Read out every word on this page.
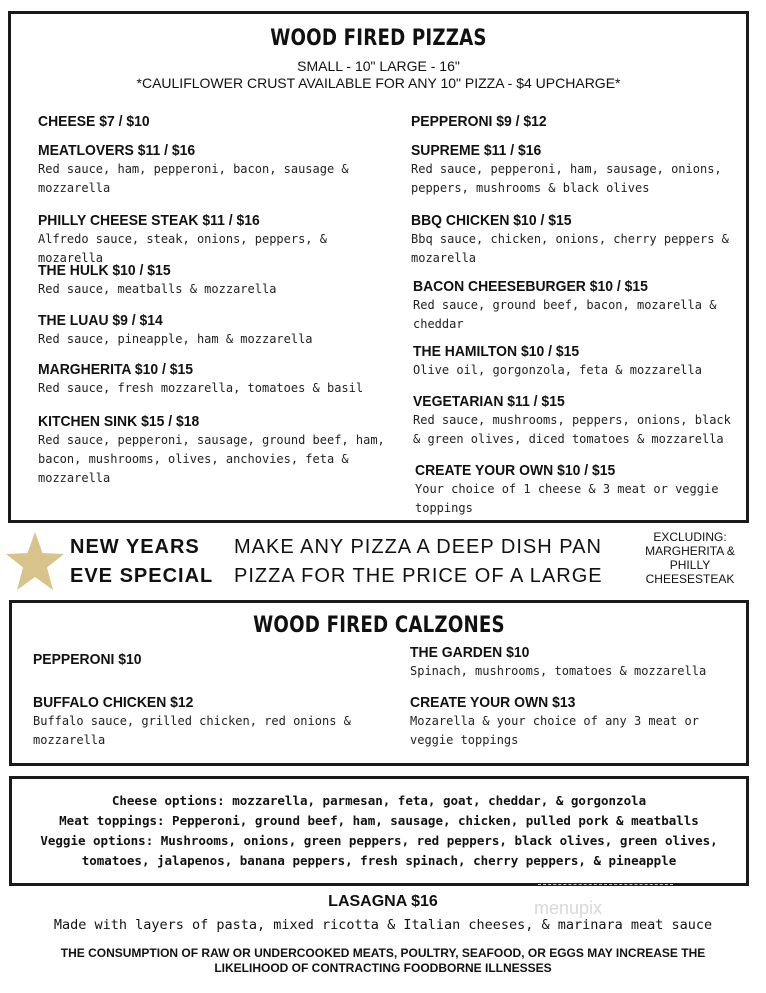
WOOD FIRED PIZZAS
SMALL - 10" LARGE - 16"
*CAULIFLOWER CRUST AVAILABLE FOR ANY 10" PIZZA - $4 UPCHARGE*
CHEESE $7 / $10
MEATLOVERS $11 / $16
Red sauce, ham, pepperoni, bacon, sausage & mozzarella
PHILLY CHEESE STEAK $11 / $16
Alfredo sauce, steak, onions, peppers, & mozarella
THE HULK $10 / $15
Red sauce, meatballs & mozzarella
THE LUAU $9 / $14
Red sauce, pineapple, ham & mozzarella
MARGHERITA $10 / $15
Red sauce, fresh mozzarella, tomatoes & basil
KITCHEN SINK $15 / $18
Red sauce, pepperoni, sausage, ground beef, ham, bacon, mushrooms, olives, anchovies, feta & mozzarella
PEPPERONI $9 / $12
SUPREME $11 / $16
Red sauce, pepperoni, ham, sausage, onions, peppers, mushrooms & black olives
BBQ CHICKEN $10 / $15
Bbq sauce, chicken, onions, cherry peppers & mozarella
BACON CHEESEBURGER $10 / $15
Red sauce, ground beef, bacon, mozarella & cheddar
THE HAMILTON $10 / $15
Olive oil, gorgonzola, feta & mozzarella
VEGETARIAN $11 / $15
Red sauce, mushrooms, peppers, onions, black & green olives, diced tomatoes & mozzarella
CREATE YOUR OWN $10 / $15
Your choice of 1 cheese & 3 meat or veggie toppings
NEW YEARS
EVE SPECIAL
MAKE ANY PIZZA A DEEP DISH PAN
PIZZA FOR THE PRICE OF A LARGE
EXCLUDING:
MARGHERITA &
PHILLY
CHEESESTEAK
WOOD FIRED CALZONES
PEPPERONI $10	THE GARDEN $10
Spinach, mushrooms, tomatoes & mozzarella
BUFFALO CHICKEN $12
Buffalo sauce, grilled chicken, red onions & mozzarella
CREATE YOUR OWN $13
Mozarella & your choice of any 3 meat or veggie toppings
Cheese options: mozzarella, parmesan, feta, goat, cheddar, & gorgonzola
Meat toppings: Pepperoni, ground beef, ham, sausage, chicken, pulled pork & meatballs
Veggie options: Mushrooms, onions, green peppers, red peppers, black olives, green olives,
tomatoes, jalapenos, banana peppers, fresh spinach, cherry peppers, & pineapple
menupix
LASAGNA $16
Made with layers of pasta, mixed ricotta & Italian cheeses, & marinara meat sauce
THE CONSUMPTION OF RAW OR UNDERCOOKED MEATS, POULTRY, SEAFOOD, OR EGGS MAY INCREASE THE
LIKELIHOOD OF CONTRACTING FOODBORNE ILLNESSES
